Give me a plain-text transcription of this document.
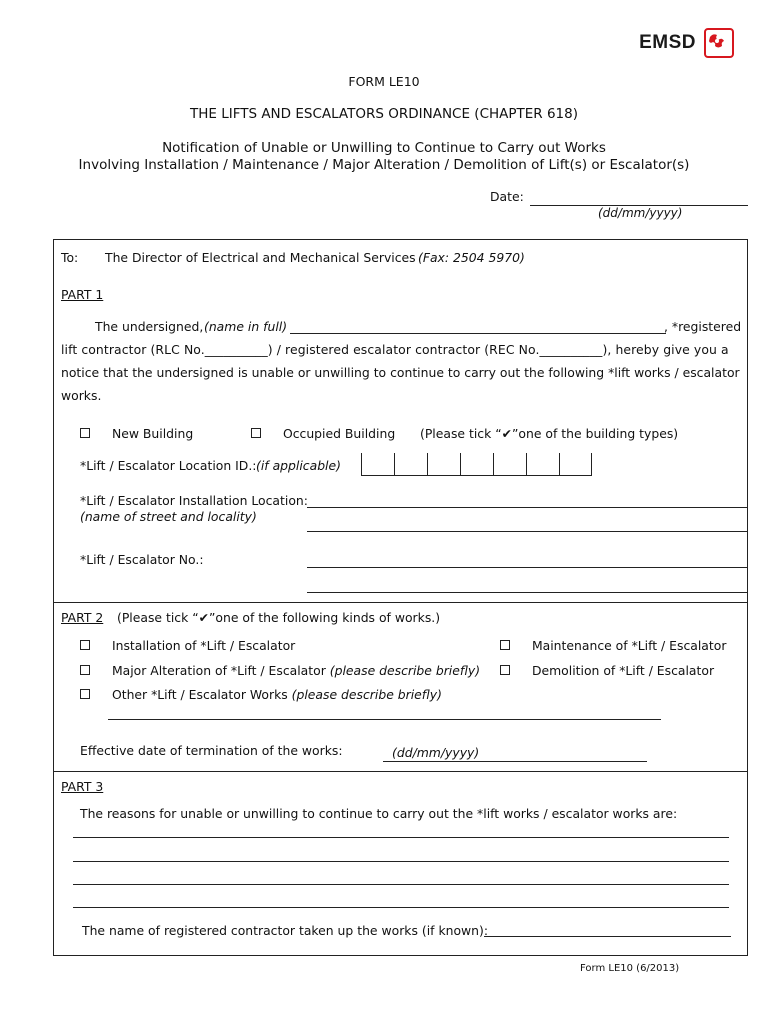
EMSD
FORM LE10
THE LIFTS AND ESCALATORS ORDINANCE (CHAPTER 618)
Notification of Unable or Unwilling to Continue to Carry out Works
Involving Installation / Maintenance / Major Alteration / Demolition of Lift(s) or Escalator(s)
Date:
(dd/mm/yyyy)
To: The Director of Electrical and Mechanical Services (Fax: 2504 5970)
PART 1
The undersigned, (name in full)	, *registered
lift contractor (RLC No.__________) / registered escalator contractor (REC No.__________), hereby give you a
notice that the undersigned is unable or unwilling to continue to carry out the following *lift works / escalator
works.
New Building	Occupied Building (Please tick “✔”one of the building types)
*Lift / Escalator Location ID.: (if applicable)
*Lift / Escalator Installation Location:
(name of street and locality)
*Lift / Escalator No.:
PART 2 (Please tick “✔”one of the following kinds of works.)
Installation of *Lift / Escalator	Maintenance of *Lift / Escalator
Major Alteration of *Lift / Escalator (please describe briefly)	Demolition of *Lift / Escalator
Other *Lift / Escalator Works (please describe briefly)
Effective date of termination of the works:	(dd/mm/yyyy)
PART 3
The reasons for unable or unwilling to continue to carry out the *lift works / escalator works are:
The name of registered contractor taken up the works (if known):
Form LE10 (6/2013)
